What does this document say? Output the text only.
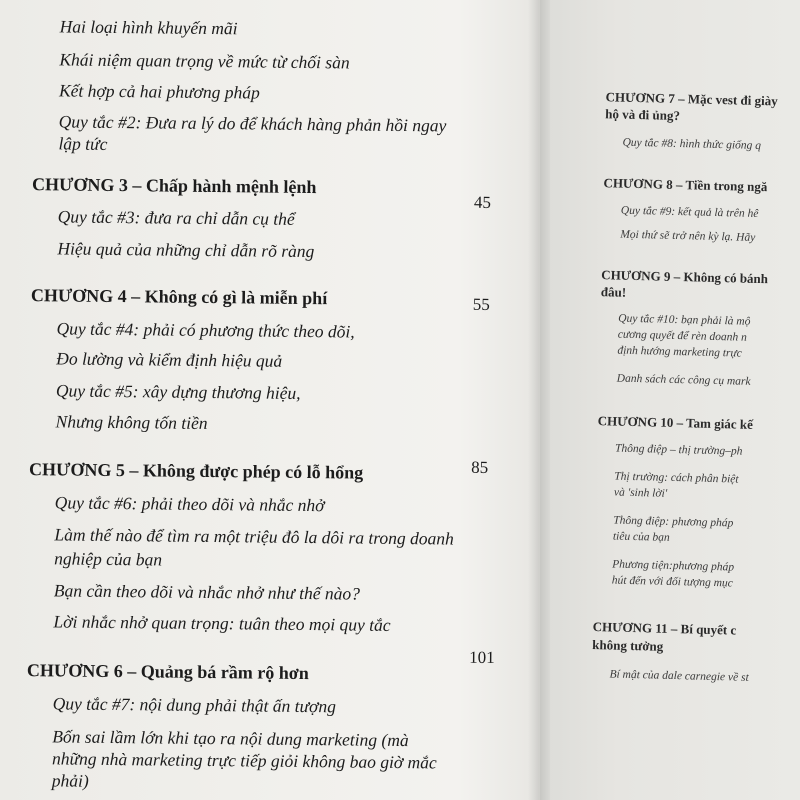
Hai loại hình khuyến mãi
Khái niệm quan trọng về mức từ chối sàn
Kết hợp cả hai phương pháp
Quy tắc #2: Đưa ra lý do để khách hàng phản hồi ngay
lập tức
CHƯƠNG 3 – Chấp hành mệnh lệnh
45
Quy tắc #3: đưa ra chỉ dẫn cụ thể
Hiệu quả của những chỉ dẫn rõ ràng
CHƯƠNG 4 – Không có gì là miễn phí	55
Quy tắc #4: phải có phương thức theo dõi,
Đo lường và kiểm định hiệu quả
Quy tắc #5: xây dựng thương hiệu,
Nhưng không tốn tiền
CHƯƠNG 5 – Không được phép có lỗ hổng	85
Quy tắc #6: phải theo dõi và nhắc nhở
Làm thế nào để tìm ra một triệu đô la dôi ra trong doanh
nghiệp của bạn
Bạn cần theo dõi và nhắc nhở như thế nào?
Lời nhắc nhở quan trọng: tuân theo mọi quy tắc
CHƯƠNG 6 – Quảng bá rầm rộ hơn
101
Quy tắc #7: nội dung phải thật ấn tượng
Bốn sai lầm lớn khi tạo ra nội dung marketing (mà
những nhà marketing trực tiếp giỏi không bao giờ mắc
phải)
CHƯƠNG 7 – Mặc vest đi giày
hộ và đi ủng?
Quy tắc #8: hình thức giống q
CHƯƠNG 8 – Tiền trong ngă
Quy tắc #9: kết quả là trên hê
Mọi thứ sẽ trở nên kỳ lạ. Hãy
CHƯƠNG 9 – Không có bánh
đâu!
Quy tắc #10: bạn phải là mộ
cương quyết để rèn doanh n
định hướng marketing trực
Danh sách các công cụ mark
CHƯƠNG 10 – Tam giác kế
Thông điệp – thị trường–ph
Thị trường: cách phân biệt
và 'sinh lời'
Thông điệp: phương pháp
tiêu của bạn
Phương tiện:phương pháp
hút đến với đối tượng mục
CHƯƠNG 11 – Bí quyết c
không tưởng
Bí mật của dale carnegie về st
